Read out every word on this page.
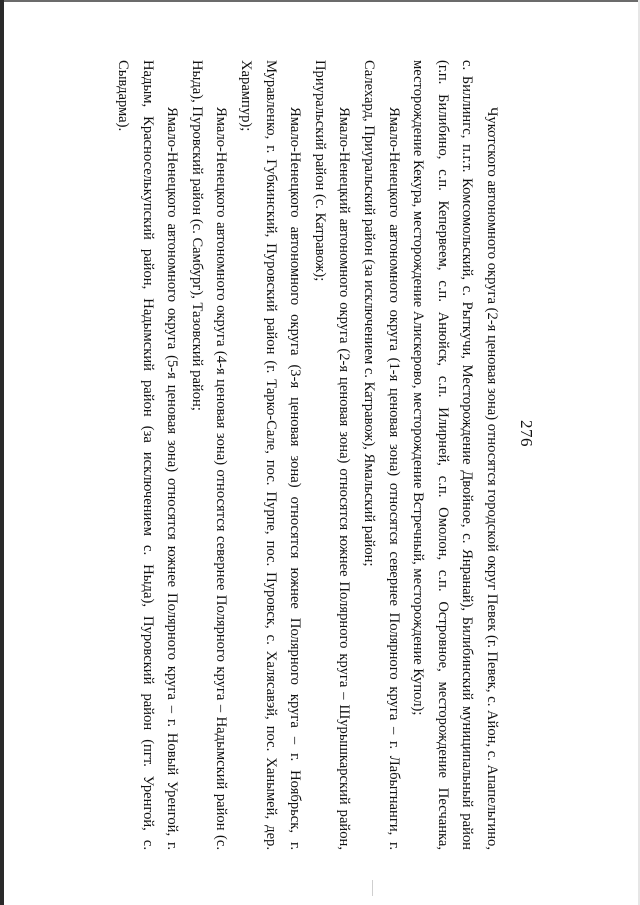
276

Чукотского автономного округа (2-я ценовая зона) относятся городской округ Певек (г. Певек, с. Айон, с. Апапельгино, с. Биллингс, п.г.т. Комсомольский, с. Рыткучи, Месторождение Двойное, с. Янранай), Билибинский муниципальный район (г.п. Билибино, с.п. Кепервеем, с.п. Анюйск, с.п. Илирней, с.п. Омолон, с.п. Островное, месторождение Песчанка, месторождение Кекура, месторождение Алискерово, месторождение Встречный, месторождение Купол);

Ямало-Ненецкого автономного округа (1-я ценовая зона) относятся севернее Полярного круга – г. Лабытнанги, г. Салехард, Приуральский район (за исключением с. Катравож), Ямальский район;

Ямало-Ненецкий автономного округа (2-я ценовая зона) относятся южнее Полярного круга – Шурышкарский район, Приуральский район (с. Катравож);

Ямало-Ненецкого автономного округа (3-я ценовая зона) относятся южнее Полярного круга – г. Ноябрьск, г. Муравленко, г. Губкинский, Пуровский район (г. Тарко-Сале, пос. Пурпе, пос. Пуровск, с. Халясавэй, пос. Ханымей, дер. Харампур);

Ямало-Ненецкого автономного округа (4-я ценовая зона) относятся севернее Полярного круга – Надымский район (с. Ныда), Пуровский район (с. Самбург), Тазовский район;

Ямало-Ненецкого автономного округа (5-я ценовая зона) относятся южнее Полярного круга – г. Новый Уренгой, г. Надым, Красноселькупский район, Надымский район (за исключением с. Ныда), Пуровский район (пгт. Уренгой, с. Сывдарма).
